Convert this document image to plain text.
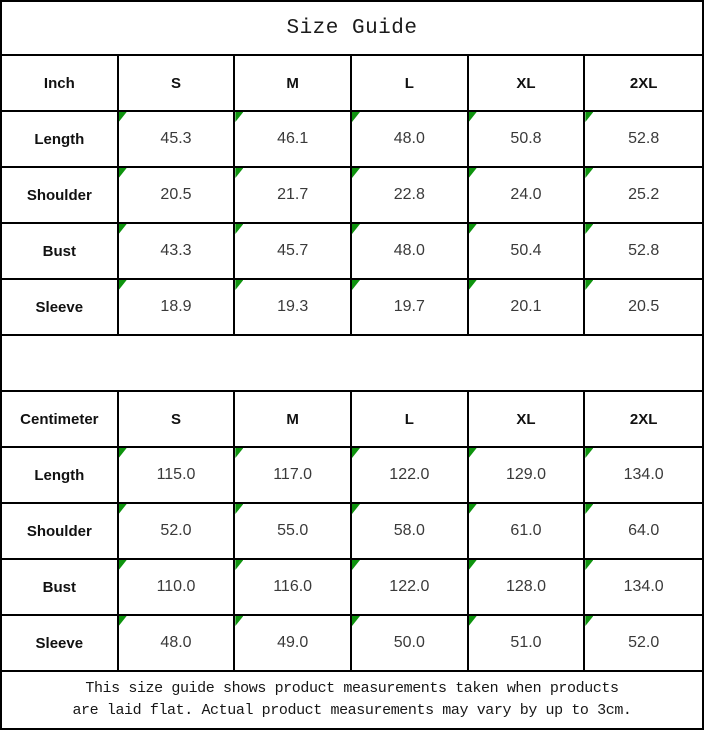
Size Guide
Inch	S	M	L	XL	2XL
Length	45.3	46.1	48.0	50.8	52.8
Shoulder	20.5	21.7	22.8	24.0	25.2
Bust	43.3	45.7	48.0	50.4	52.8
Sleeve	18.9	19.3	19.7	20.1	20.5
Centimeter	S	M	L	XL	2XL
Length	115.0	117.0	122.0	129.0	134.0
Shoulder	52.0	55.0	58.0	61.0	64.0
Bust	110.0	116.0	122.0	128.0	134.0
Sleeve	48.0	49.0	50.0	51.0	52.0
This size guide shows product measurements taken when products
are laid flat. Actual product measurements may vary by up to 3cm.
